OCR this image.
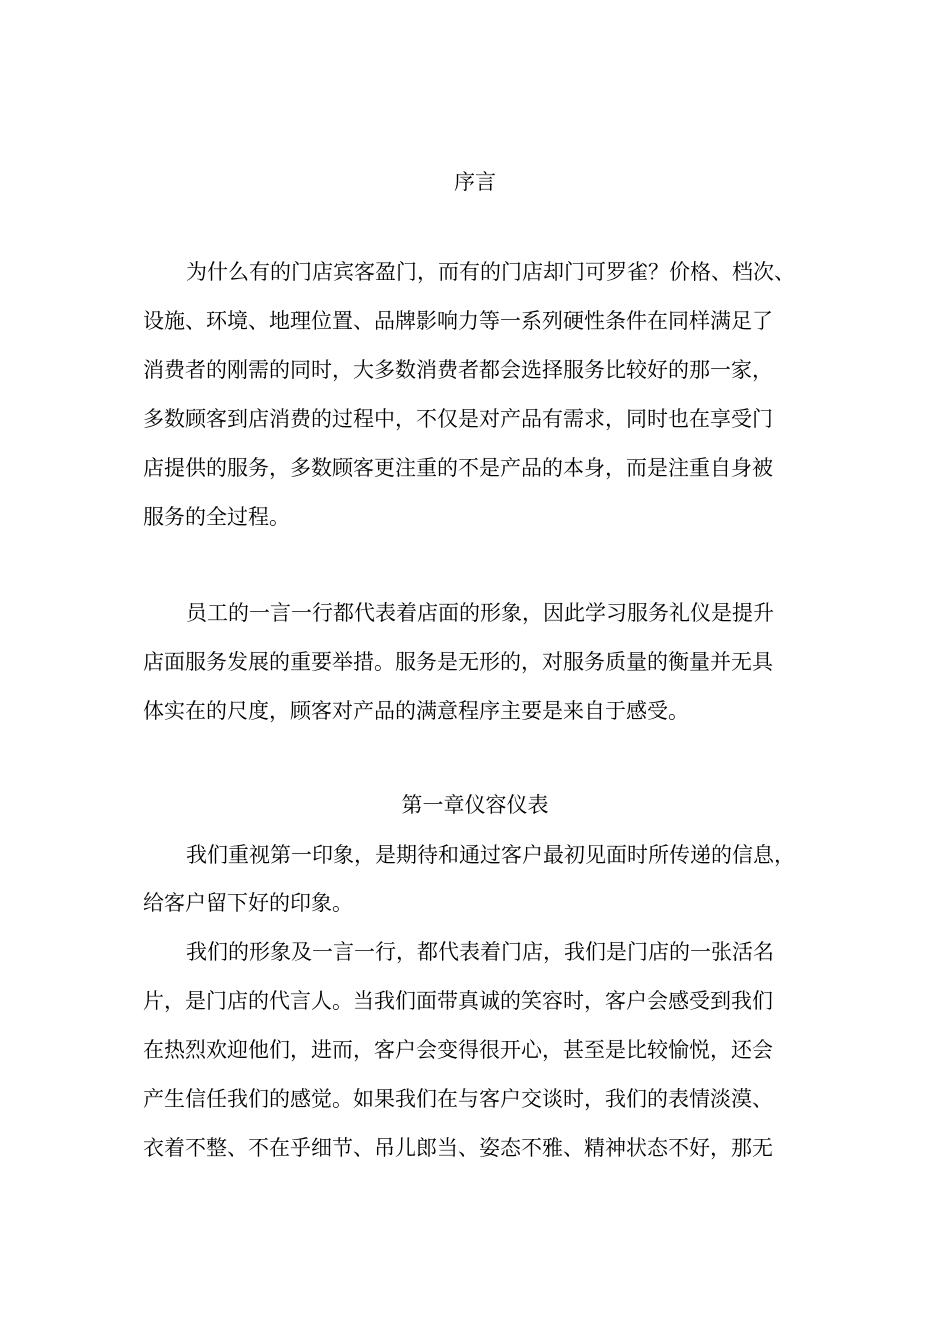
序言
为什么有的门店宾客盈门，而有的门店却门可罗雀？价格、档次、
设施、环境、地理位置、品牌影响力等一系列硬性条件在同样满足了
消费者的刚需的同时，大多数消费者都会选择服务比较好的那一家，
多数顾客到店消费的过程中，不仅是对产品有需求，同时也在享受门
店提供的服务，多数顾客更注重的不是产品的本身，而是注重自身被
服务的全过程。
员工的一言一行都代表着店面的形象，因此学习服务礼仪是提升
店面服务发展的重要举措。服务是无形的，对服务质量的衡量并无具
体实在的尺度，顾客对产品的满意程序主要是来自于感受。
第一章仪容仪表
我们重视第一印象，是期待和通过客户最初见面时所传递的信息，
给客户留下好的印象。
我们的形象及一言一行，都代表着门店，我们是门店的一张活名
片，是门店的代言人。当我们面带真诚的笑容时，客户会感受到我们
在热烈欢迎他们，进而，客户会变得很开心，甚至是比较愉悦，还会
产生信任我们的感觉。如果我们在与客户交谈时，我们的表情淡漠、
衣着不整、不在乎细节、吊儿郎当、姿态不雅、精神状态不好，那无
